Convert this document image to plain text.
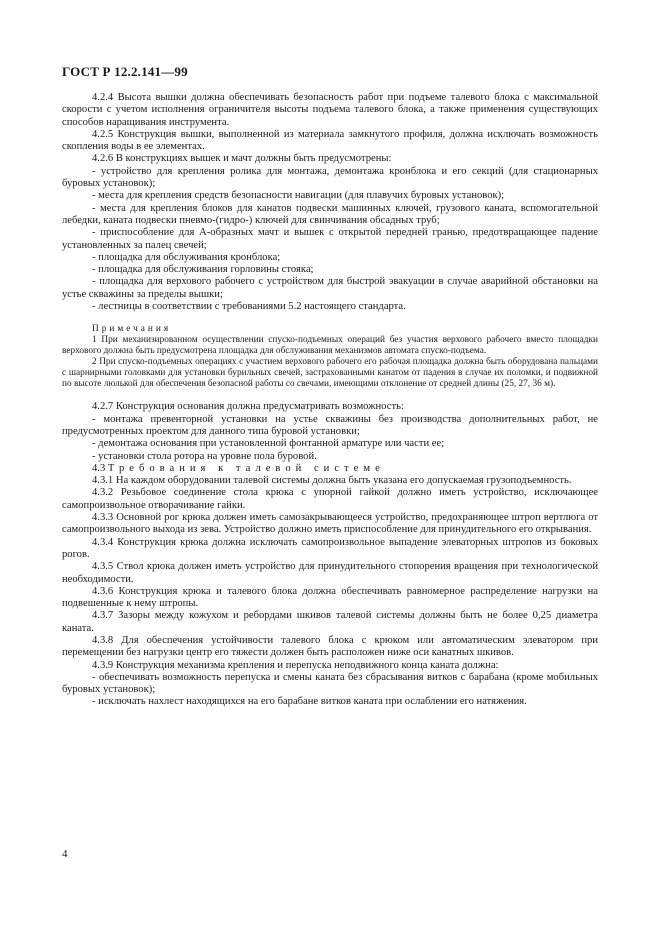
ГОСТ Р 12.2.141—99

4.2.4 Высота вышки должна обеспечивать безопасность работ при подъеме талевого блока с максимальной скорости с учетом исполнения ограничителя высоты подъема талевого блока, а также применения существующих способов наращивания инструмента.

4.2.5 Конструкция вышки, выполненной из материала замкнутого профиля, должна исключать возможность скопления воды в ее элементах.

4.2.6 В конструкциях вышек и мачт должны быть предусмотрены:

- устройство для крепления ролика для монтажа, демонтажа кронблока и его секций (для стационарных буровых установок);

- места для крепления средств безопасности навигации (для плавучих буровых установок);

- места для крепления блоков для канатов подвески машинных ключей, грузового каната, вспомогательной лебедки, каната подвески пневмо-(гидро-) ключей для свинчивания обсадных труб;

- приспособление для А-образных мачт и вышек с открытой передней гранью, предотвращающее падение установленных за палец свечей;

- площадка для обслуживания кронблока;

- площадка для обслуживания горловины стояка;

- площадка для верхового рабочего с устройством для быстрой эвакуации в случае аварийной обстановки на устье скважины за пределы вышки;

- лестницы в соответствии с требованиями 5.2 настоящего стандарта.

Примечания

1 При механизированном осуществлении спуско-подъемных операций без участия верхового рабочего вместо площадки верхового должна быть предусмотрена площадка для обслуживания механизмов автомата спуско-подъема.

2 При спуско-подъемных операциях с участием верхового рабочего его рабочая площадка должна быть оборудована пальцами с шарнирными головками для установки бурильных свечей, застрахованными канатом от падения в случае их поломки, и подвижной по высоте люлькой для обеспечения безопасной работы со свечами, имеющими отклонение от средней длины (25, 27, 36 м).

4.2.7 Конструкция основания должна предусматривать возможность:

- монтажа превенторной установки на устье скважины без производства дополнительных работ, не предусмотренных проектом для данного типа буровой установки;

- демонтажа основания при установленной фонтанной арматуре или части ее;

- установки стола ротора на уровне пола буровой.

4.3 Требования к талевой системе

4.3.1 На каждом оборудовании талевой системы должна быть указана его допускаемая грузоподъемность.

4.3.2 Резьбовое соединение стола крюка с упорной гайкой должно иметь устройство, исключающее самопроизвольное отворачивание гайки.

4.3.3 Основной рог крюка должен иметь самозакрывающееся устройство, предохраняющее штроп вертлюга от самопроизвольного выхода из зева. Устройство должно иметь приспособление для принудительного его открывания.

4.3.4 Конструкция крюка должна исключать самопроизвольное выпадение элеваторных штропов из боковых рогов.

4.3.5 Ствол крюка должен иметь устройство для принудительного стопорения вращения при технологической необходимости.

4.3.6 Конструкция крюка и талевого блока должна обеспечивать равномерное распределение нагрузки на подвешенные к нему штропы.

4.3.7 Зазоры между кожухом и ребордами шкивов талевой системы должны быть не более 0,25 диаметра каната.

4.3.8 Для обеспечения устойчивости талевого блока с крюком или автоматическим элеватором при перемещении без нагрузки центр его тяжести должен быть расположен ниже оси канатных шкивов.

4.3.9 Конструкция механизма крепления и перепуска неподвижного конца каната должна:

- обеспечивать возможность перепуска и смены каната без сбрасывания витков с барабана (кроме мобильных буровых установок);

- исключать нахлест находящихся на его барабане витков каната при ослаблении его натяжения.

4
